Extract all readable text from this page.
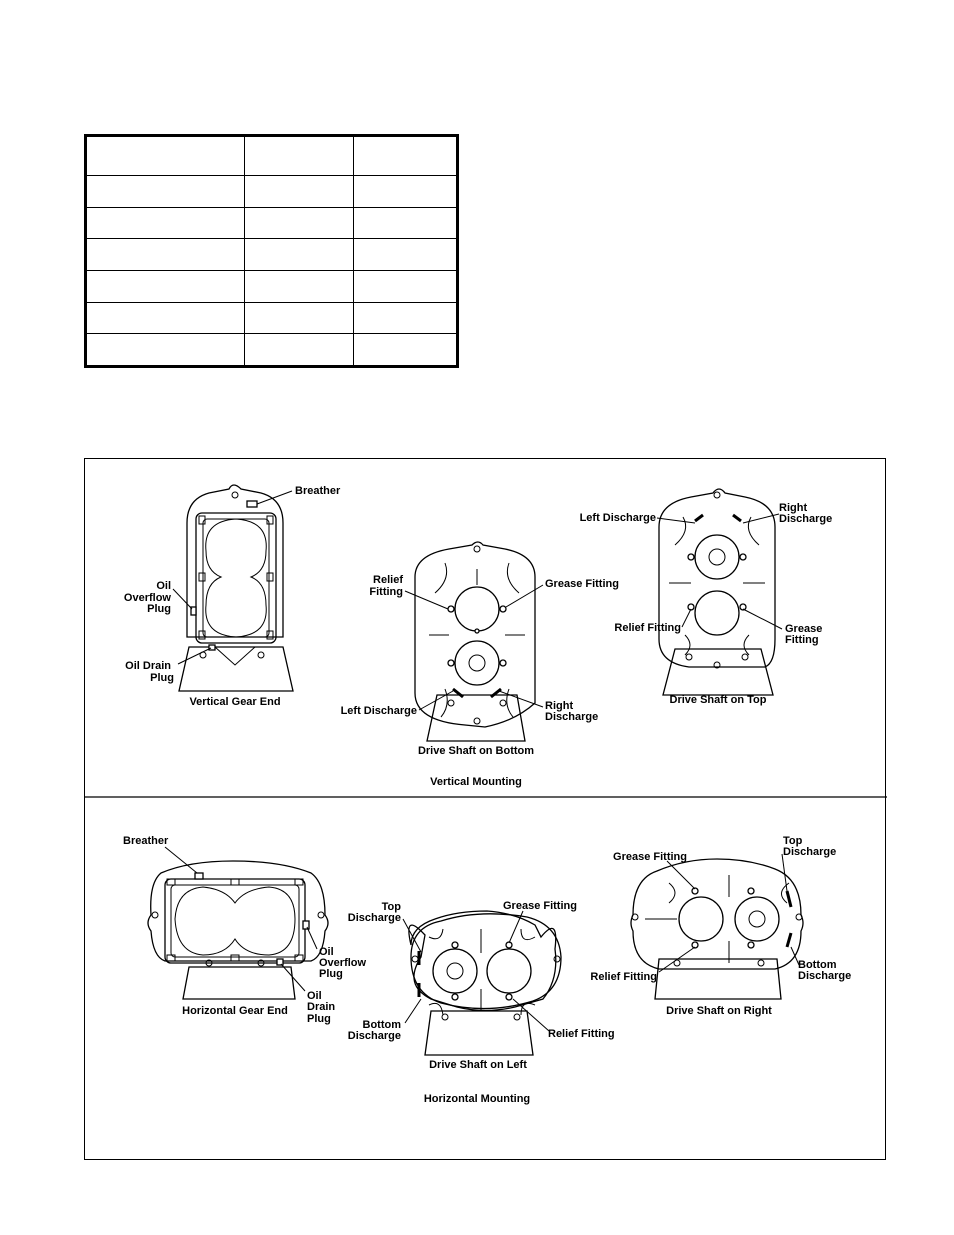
Breather
Oil
Overflow
Plug
Oil Drain
Plug
Vertical Gear End
Relief
Fitting
Grease Fitting
Left Discharge	Right
Discharge
Drive Shaft on Bottom
Vertical Mounting
Left Discharge
Right
Discharge
Relief Fitting	Grease
Fitting
Drive Shaft on Top
Breather
Oil
Overflow
Plug
Oil
Drain
Plug
Horizontal Gear End
Top
Discharge
Grease Fitting
Bottom
Discharge	Relief Fitting
Drive Shaft on Left
Horizontal Mounting
Grease Fitting
Top
Discharge
Relief Fitting
Bottom
Discharge
Drive Shaft on Right
